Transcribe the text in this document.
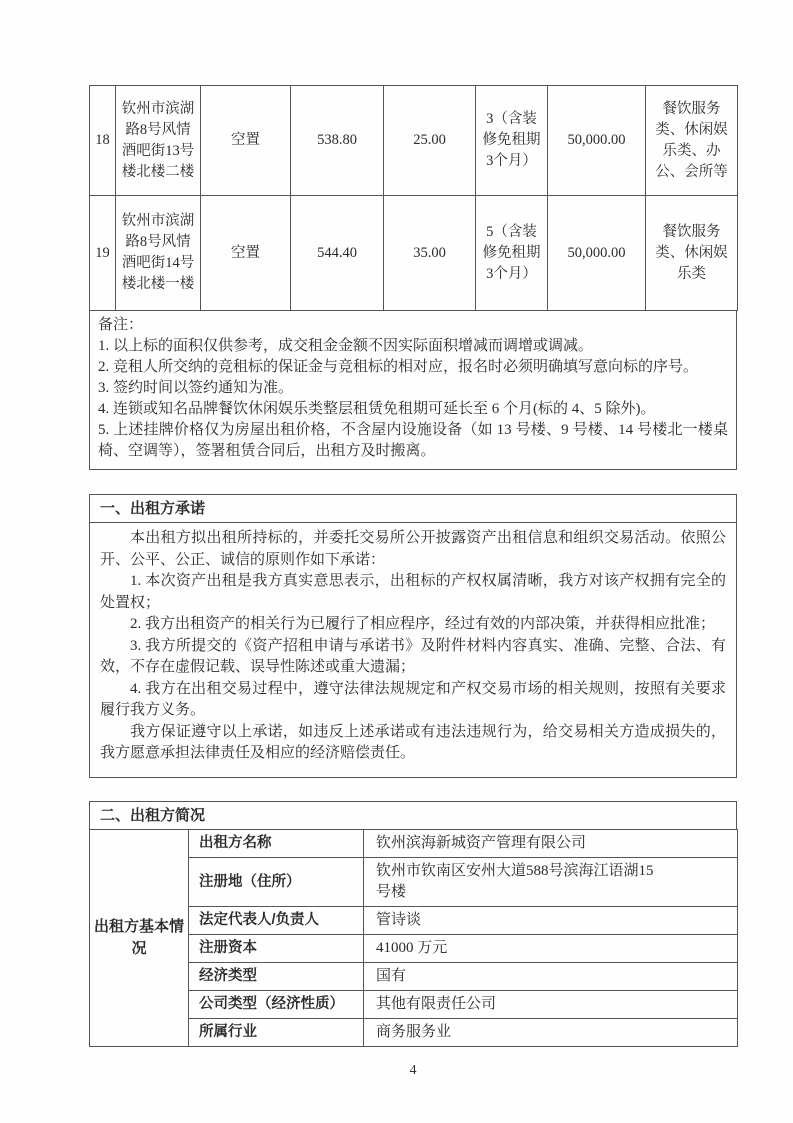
18	钦州市滨湖路8号风情酒吧街13号楼北楼二楼	空置	538.80	25.00	3（含装修免租期3个月）	50,000.00	餐饮服务类、休闲娱乐类、办公、会所等
19	钦州市滨湖路8号风情酒吧街14号楼北楼一楼	空置	544.40	35.00	5（含装修免租期3个月）	50,000.00	餐饮服务类、休闲娱乐类
备注：
1. 以上标的面积仅供参考，成交租金金额不因实际面积增减而调增或调减。
2. 竞租人所交纳的竞租标的保证金与竞租标的相对应，报名时必须明确填写意向标的序号。
3. 签约时间以签约通知为准。
4. 连锁或知名品牌餐饮休闲娱乐类整层租赁免租期可延长至 6 个月(标的 4、5 除外)。
5. 上述挂牌价格仅为房屋出租价格，不含屋内设施设备（如 13 号楼、9 号楼、14 号楼北一楼桌椅、空调等），签署租赁合同后，出租方及时搬离。
一、出租方承诺

本出租方拟出租所持标的，并委托交易所公开披露资产出租信息和组织交易活动。依照公开、公平、公正、诚信的原则作如下承诺：

1. 本次资产出租是我方真实意思表示，出租标的产权权属清晰，我方对该产权拥有完全的处置权；

2. 我方出租资产的相关行为已履行了相应程序，经过有效的内部决策，并获得相应批准；

3. 我方所提交的《资产招租申请与承诺书》及附件材料内容真实、准确、完整、合法、有效，不存在虚假记载、误导性陈述或重大遗漏；

4. 我方在出租交易过程中，遵守法律法规规定和产权交易市场的相关规则，按照有关要求履行我方义务。

我方保证遵守以上承诺，如违反上述承诺或有违法违规行为，给交易相关方造成损失的，我方愿意承担法律责任及相应的经济赔偿责任。

二、出租方简况
出租方基本情况	出租方名称	钦州滨海新城资产管理有限公司
	注册地（住所）	钦州市钦南区安州大道588号滨海江语湖15号楼

	法定代表人/负责人	管诗谈
	注册资本	41000 万元
	经济类型	国有
	公司类型（经济性质）	其他有限责任公司
	所属行业	商务服务业
4
